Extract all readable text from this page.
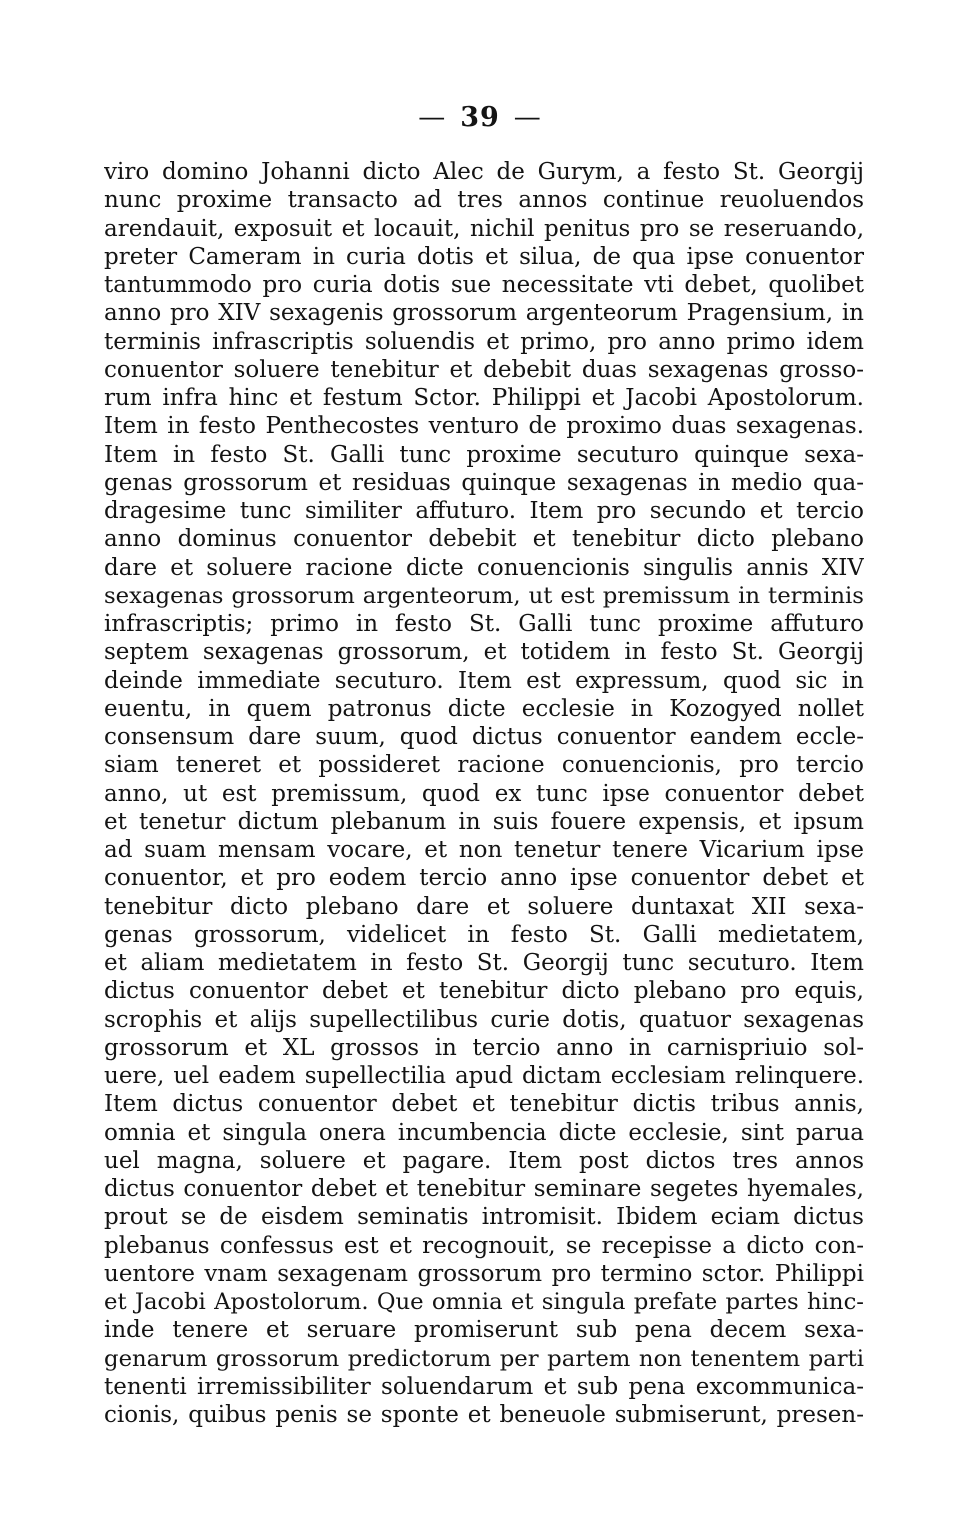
— 39 —
viro domino Johanni dicto Alec de Gurym, a festo St. Georgij
nunc proxime transacto ad tres annos continue reuoluendos
arendauit, exposuit et locauit, nichil penitus pro se reseruando,
preter Cameram in curia dotis et silua, de qua ipse conuentor
tantummodo pro curia dotis sue necessitate vti debet, quolibet
anno pro XIV sexagenis grossorum argenteorum Pragensium, in
terminis infrascriptis soluendis et primo, pro anno primo idem
conuentor soluere tenebitur et debebit duas sexagenas grosso-
rum infra hinc et festum Sctor. Philippi et Jacobi Apostolorum.
Item in festo Penthecostes venturo de proximo duas sexagenas.
Item in festo St. Galli tunc proxime secuturo quinque sexa-
genas grossorum et residuas quinque sexagenas in medio qua-
dragesime tunc similiter affuturo. Item pro secundo et tercio
anno dominus conuentor debebit et tenebitur dicto plebano
dare et soluere racione dicte conuencionis singulis annis XIV
sexagenas grossorum argenteorum, ut est premissum in terminis
infrascriptis; primo in festo St. Galli tunc proxime affuturo
septem sexagenas grossorum, et totidem in festo St. Georgij
deinde immediate secuturo. Item est expressum, quod sic in
euentu, in quem patronus dicte ecclesie in Kozogyed nollet
consensum dare suum, quod dictus conuentor eandem eccle-
siam teneret et possideret racione conuencionis, pro tercio
anno, ut est premissum, quod ex tunc ipse conuentor debet
et tenetur dictum plebanum in suis fouere expensis, et ipsum
ad suam mensam vocare, et non tenetur tenere Vicarium ipse
conuentor, et pro eodem tercio anno ipse conuentor debet et
tenebitur dicto plebano dare et soluere duntaxat XII sexa-
genas grossorum, videlicet in festo St. Galli medietatem,
et aliam medietatem in festo St. Georgij tunc secuturo. Item
dictus conuentor debet et tenebitur dicto plebano pro equis,
scrophis et alijs supellectilibus curie dotis, quatuor sexagenas
grossorum et XL grossos in tercio anno in carnispriuio sol-
uere, uel eadem supellectilia apud dictam ecclesiam relinquere.
Item dictus conuentor debet et tenebitur dictis tribus annis,
omnia et singula onera incumbencia dicte ecclesie, sint parua
uel magna, soluere et pagare. Item post dictos tres annos
dictus conuentor debet et tenebitur seminare segetes hyemales,
prout se de eisdem seminatis intromisit. Ibidem eciam dictus
plebanus confessus est et recognouit, se recepisse a dicto con-
uentore vnam sexagenam grossorum pro termino sctor. Philippi
et Jacobi Apostolorum. Que omnia et singula prefate partes hinc-
inde tenere et seruare promiserunt sub pena decem sexa-
genarum grossorum predictorum per partem non tenentem parti
tenenti irremissibiliter soluendarum et sub pena excommunica-
cionis, quibus penis se sponte et beneuole submiserunt, presen-
